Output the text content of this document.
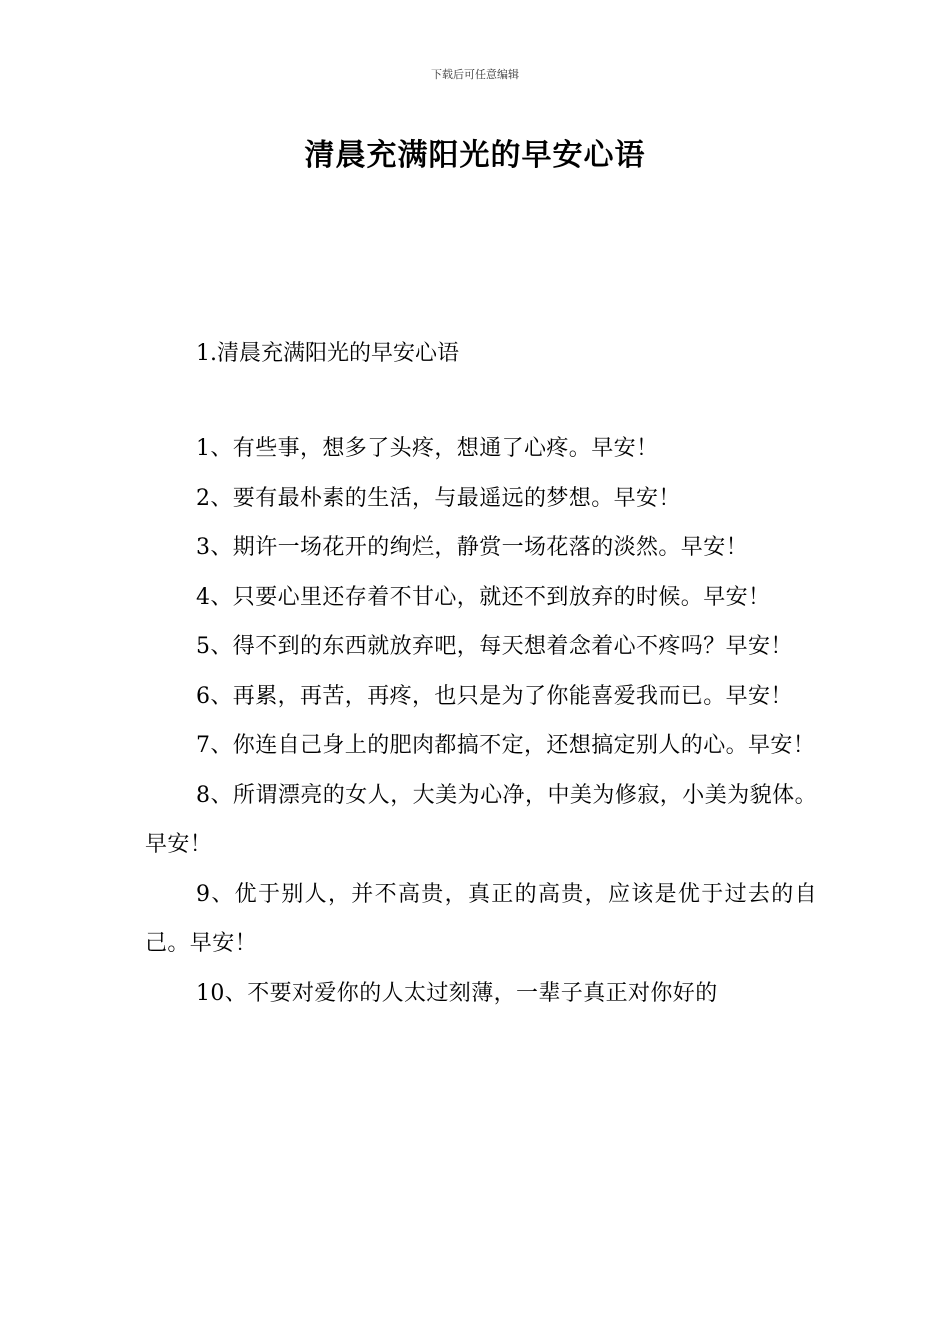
下载后可任意编辑
清晨充满阳光的早安心语
1.清晨充满阳光的早安心语

1、有些事，想多了头疼，想通了心疼。早安！

2、要有最朴素的生活，与最遥远的梦想。早安！

3、期许一场花开的绚烂，静赏一场花落的淡然。早安！

4、只要心里还存着不甘心，就还不到放弃的时候。早安！

5、得不到的东西就放弃吧，每天想着念着心不疼吗？早安！

6、再累，再苦，再疼，也只是为了你能喜爱我而已。早安！

7、你连自己身上的肥肉都搞不定，还想搞定别人的心。早安！

8、所谓漂亮的女人，大美为心净，中美为修寂，小美为貌体。早安！

9、优于别人，并不高贵，真正的高贵，应该是优于过去的自己。早安！

10、不要对爱你的人太过刻薄，一辈子真正对你好的
